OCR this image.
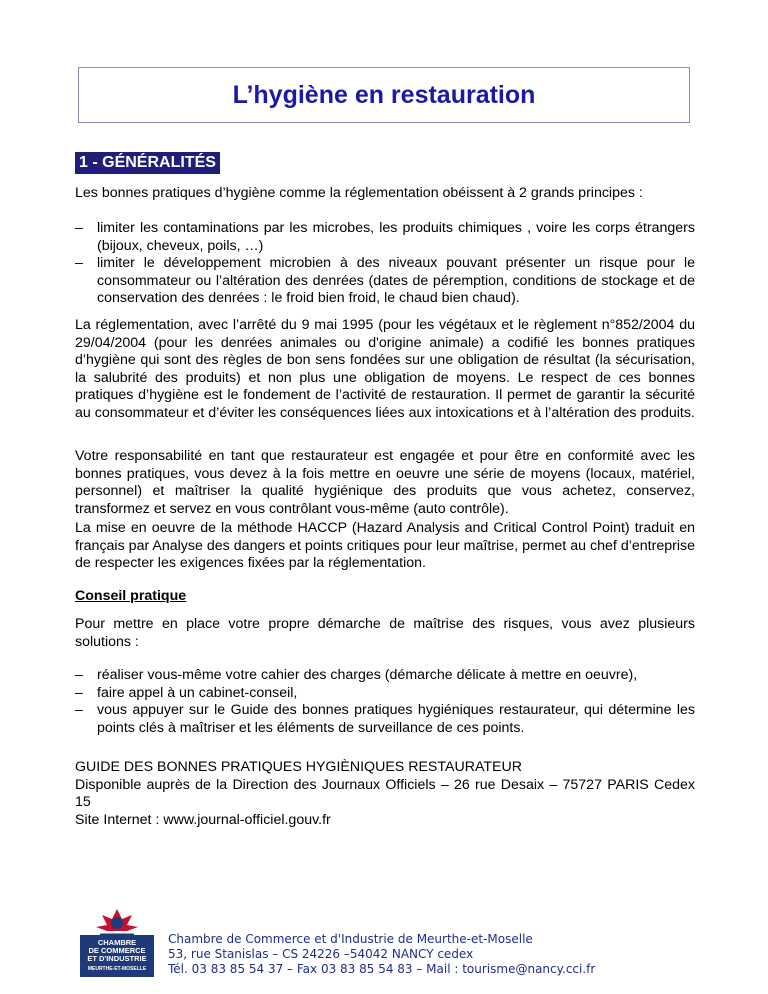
L’hygiène en restauration
1 - GÉNÉRALITÉS
Les bonnes pratiques d’hygiène comme la réglementation obéissent à 2 grands principes :
– limiter les contaminations par les microbes, les produits chimiques , voire les corps étrangers (bijoux, cheveux, poils, …)
– limiter le développement microbien à des niveaux pouvant présenter un risque pour le consommateur ou l’altération des denrées (dates de péremption, conditions de stockage et de conservation des denrées : le froid bien froid, le chaud bien chaud).
La réglementation, avec l’arrêté du 9 mai 1995 (pour les végétaux et le règlement n°852/2004 du 29/04/2004 (pour les denrées animales ou d'origine animale) a codifié les bonnes pratiques d’hygiène qui sont des règles de bon sens fondées sur une obligation de résultat (la sécurisation, la salubrité des produits) et non plus une obligation de moyens. Le respect de ces bonnes pratiques d’hygiène est le fondement de l’activité de restauration. Il permet de garantir la sécurité au consommateur et d’éviter les conséquences liées aux intoxications et à l’altération des produits.
Votre responsabilité en tant que restaurateur est engagée et pour être en conformité avec les bonnes pratiques, vous devez à la fois mettre en oeuvre une série de moyens (locaux, matériel, personnel) et maîtriser la qualité hygiénique des produits que vous achetez, conservez, transformez et servez en vous contrôlant vous-même (auto contrôle).
La mise en oeuvre de la méthode HACCP (Hazard Analysis and Critical Control Point) traduit en français par Analyse des dangers et points critiques pour leur maîtrise, permet au chef d’entreprise de respecter les exigences fixées par la réglementation.
Conseil pratique
Pour mettre en place votre propre démarche de maîtrise des risques, vous avez plusieurs solutions :
– réaliser vous-même votre cahier des charges (démarche délicate à mettre en oeuvre),
– faire appel à un cabinet-conseil,
– vous appuyer sur le Guide des bonnes pratiques hygiéniques restaurateur, qui détermine les points clés à maîtriser et les éléments de surveillance de ces points.
GUIDE DES BONNES PRATIQUES HYGIÈNIQUES RESTAURATEUR
Disponible auprès de la Direction des Journaux Officiels – 26 rue Desaix – 75727 PARIS Cedex 15
Site Internet : www.journal-officiel.gouv.fr
CHAMBRE
DE COMMERCE
ET D'INDUSTRIE
MEURTHE-ET-MOSELLE
Chambre de Commerce et d'Industrie de Meurthe-et-Moselle
53, rue Stanislas – CS 24226 –54042 NANCY cedex
Tél. 03 83 85 54 37 – Fax 03 83 85 54 83 – Mail : tourisme@nancy.cci.fr
